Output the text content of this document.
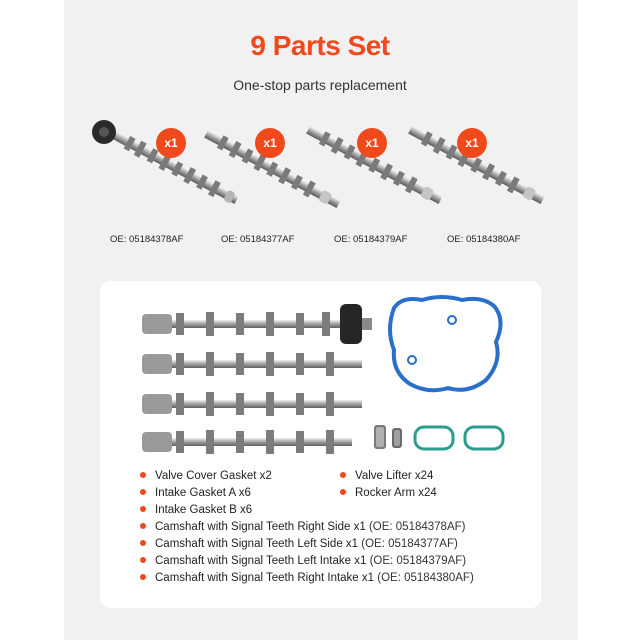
9 Parts Set
One-stop parts replacement
x1	x1	x1	x1
OE: 05184378AF	OE: 05184377AF	OE: 05184379AF	OE: 05184380AF
Valve Cover Gasket x2
Intake Gasket A x6
Intake Gasket B x6
Camshaft with Signal Teeth Right Side x1 (OE: 05184378AF)
Camshaft with Signal Teeth Left Side x1 (OE: 05184377AF)
Camshaft with Signal Teeth Left Intake x1 (OE: 05184379AF)
Camshaft with Signal Teeth Right Intake x1 (OE: 05184380AF)
Valve Lifter x24
Rocker Arm x24
